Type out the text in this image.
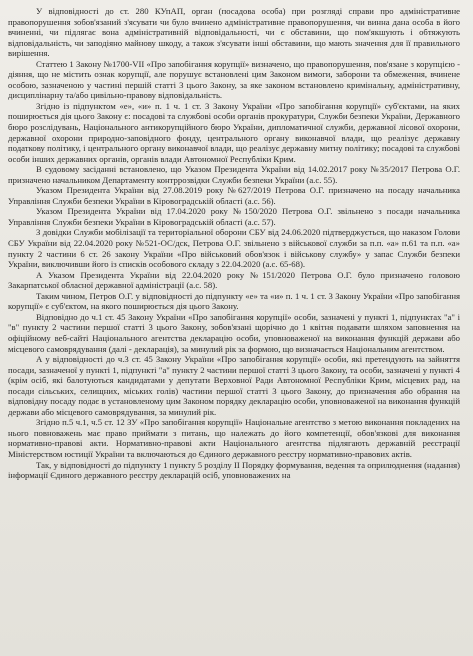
У відповідності до ст. 280 КУпАП, орган (посадова особа) при розгляді справи про адміністративне правопорушення зобов'язаний з'ясувати чи було вчинено адміністративне правопорушення, чи винна дана особа в його вчиненні, чи підлягає вона адміністративній відповідальності, чи є обставини, що пом'якшують і обтяжують відповідальність, чи заподіяно майнову шкоду, а також з'ясувати інші обставини, що мають значення для її правильного вирішення.

Статтею 1 Закону №1700-VII «Про запобігання корупції» визначено, що правопорушення, пов'язане з корупцією - діяння, що не містить ознак корупції, але порушує встановлені цим Законом вимоги, заборони та обмеження, вчинене особою, зазначеною у частині першій статті 3 цього Закону, за яке законом встановлено кримінальну, адміністративну, дисциплінарну та/або цивільно-правову відповідальність.

Згідно із підпунктом «е», «и» п. 1 ч. 1 ст. 3 Закону України «Про запобігання корупції» суб'єктами, на яких поширюється дія цього Закону є: посадові та службові особи органів прокуратури, Служби безпеки України, Державного бюро розслідувань, Національного антикорупційного бюро України, дипломатичної служби, державної лісової охорони, державної охорони природно-заповідного фонду, центрального органу виконавчої влади, що реалізує державну податкову політику, і центрального органу виконавчої влади, що реалізує державну митну політику; посадові та службові особи інших державних органів, органів влади Автономної Республіки Крим.

В судовому засіданні встановлено, що Указом Президента України від 14.02.2017 року №35/2017 Петрова О.Г. призначено начальником Департаменту контррозвідки Служби безпеки України (а.с. 55).

Указом Президента України від 27.08.2019 року №627/2019 Петрова О.Г. призначено на посаду начальника Управління Служби безпеки України в Кіровоградській області (а.с. 56).

Указом Президента України від 17.04.2020 року №150/2020 Петрова О.Г. звільнено з посади начальника Управління Служби безпеки України в Кіровоградській області (а.с. 57).

З довідки Служби мобілізації та територіальної оборони СБУ від 24.06.2020 підтверджується, що наказом Голови СБУ України від 22.04.2020 року №521-ОС/дск, Петрова О.Г. звільнено з військової служби за п.п. «а» п.61 та п.п. «а» пункту 2 частини 6 ст. 26 закону України «Про військовий обов'язок і військову службу» у запас Служби безпеки України, виключивши його із списків особового складу з 22.04.2020 (а.с. 65-68).

А Указом Президента України від 22.04.2020 року №151/2020 Петрова О.Г. було призначено головою Закарпатської обласної державної адміністрації (а.с. 58).

Таким чином, Петров О.Г. у відповідності до підпункту «е» та «и» п. 1 ч. 1 ст. 3 Закону України «Про запобігання корупції» є суб'єктом, на якого поширюється дія цього Закону.

Відповідно до ч.1 ст. 45 Закону України «Про запобігання корупції» особи, зазначені у пункті 1, підпунктах "а" і "в" пункту 2 частини першої статті 3 цього Закону, зобов'язані щорічно до 1 квітня подавати шляхом заповнення на офіційному веб-сайті Національного агентства декларацію особи, уповноваженої на виконання функцій держави або місцевого самоврядування (далі - декларація), за минулий рік за формою, що визначається Національним агентством.

А у відповідності до ч.3 ст. 45 Закону України «Про запобігання корупції» особи, які претендують на зайняття посади, зазначеної у пункті 1, підпункті "а" пункту 2 частини першої статті 3 цього Закону, та особи, зазначені у пункті 4 (крім осіб, які балотуються кандидатами у депутати Верховної Ради Автономної Республіки Крим, місцевих рад, на посади сільських, селищних, міських голів) частини першої статті 3 цього Закону, до призначення або обрання на відповідну посаду подає в установленому цим Законом порядку декларацію особи, уповноваженої на виконання функцій держави або місцевого самоврядування, за минулий рік.

Згідно п.5 ч.1, ч.5 ст. 12 ЗУ «Про запобігання корупції» Національне агентство з метою виконання покладених на нього повноважень має право приймати з питань, що належать до його компетенції, обов'язкові для виконання нормативно-правові акти. Нормативно-правові акти Національного агентства підлягають державній реєстрації Міністерством юстиції України та включаються до Єдиного державного реєстру нормативно-правових актів.

Так, у відповідності до підпункту 1 пункту 5 розділу ІІ Порядку формування, ведення та оприлюднення (надання) інформації Єдиного державного реєстру декларацій осіб, уповноважених на
